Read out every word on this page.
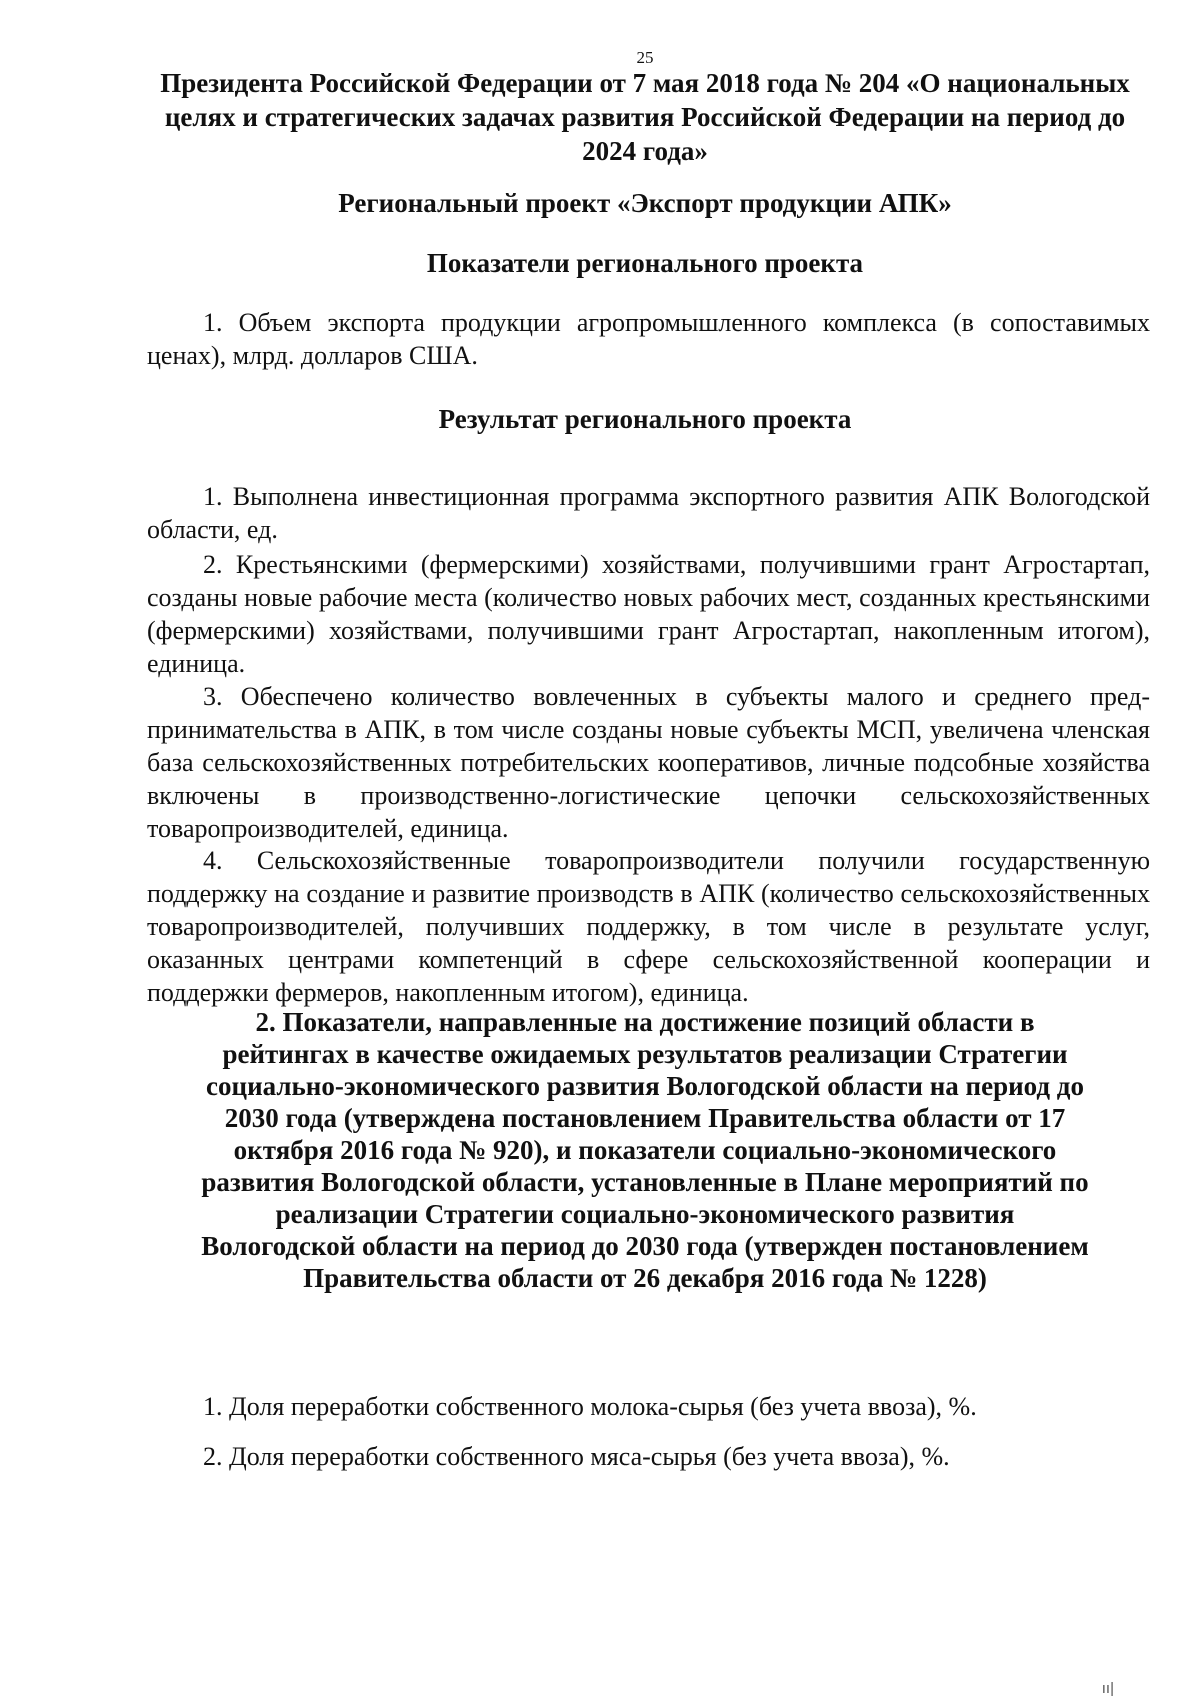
25
Президента Российской Федерации от 7 мая 2018 года № 204 «О национальных целях и стратегических задачах развития Российской Федерации на период до 2024 года»
Региональный проект «Экспорт продукции АПК»
Показатели регионального проекта

1. Объем экспорта продукции агропромышленного комплекса (в сопоставимых ценах), млрд. долларов США.

Результат регионального проекта

1. Выполнена инвестиционная программа экспортного развития АПК Вологодской области, ед.

2. Крестьянскими (фермерскими) хозяйствами, получившими грант Агростартап, созданы новые рабочие места (количество новых рабочих мест, созданных крестьянскими (фермерскими) хозяйствами, получившими грант Агростартап, накопленным итогом), единица.

3. Обеспечено количество вовлеченных в субъекты малого и среднего предпринимательства в АПК, в том числе созданы новые субъекты МСП, увеличена членская база сельскохозяйственных потребительских кооперативов, личные подсобные хозяйства включены в производственно-логистические цепочки сельскохозяйственных товаропроизводителей, единица.

4. Сельскохозяйственные товаропроизводители получили государственную поддержку на создание и развитие производств в АПК (количество сельскохозяйственных товаропроизводителей, получивших поддержку, в том числе в результате услуг, оказанных центрами компетенций в сфере сельскохозяйственной кооперации и поддержки фермеров, накопленным итогом), единица.

2. Показатели, направленные на достижение позиций области в рейтингах в качестве ожидаемых результатов реализации Стратегии социально-экономического развития Вологодской области на период до 2030 года (утверждена постановлением Правительства области от 17 октября 2016 года № 920), и показатели социально-экономического развития Вологодской области, установленные в Плане мероприятий по реализации Стратегии социально-экономического развития Вологодской области на период до 2030 года (утвержден постановлением Правительства области от 26 декабря 2016 года № 1228)

1. Доля переработки собственного молока-сырья (без учета ввоза), %.

2. Доля переработки собственного мяса-сырья (без учета ввоза), %.

ıı|
